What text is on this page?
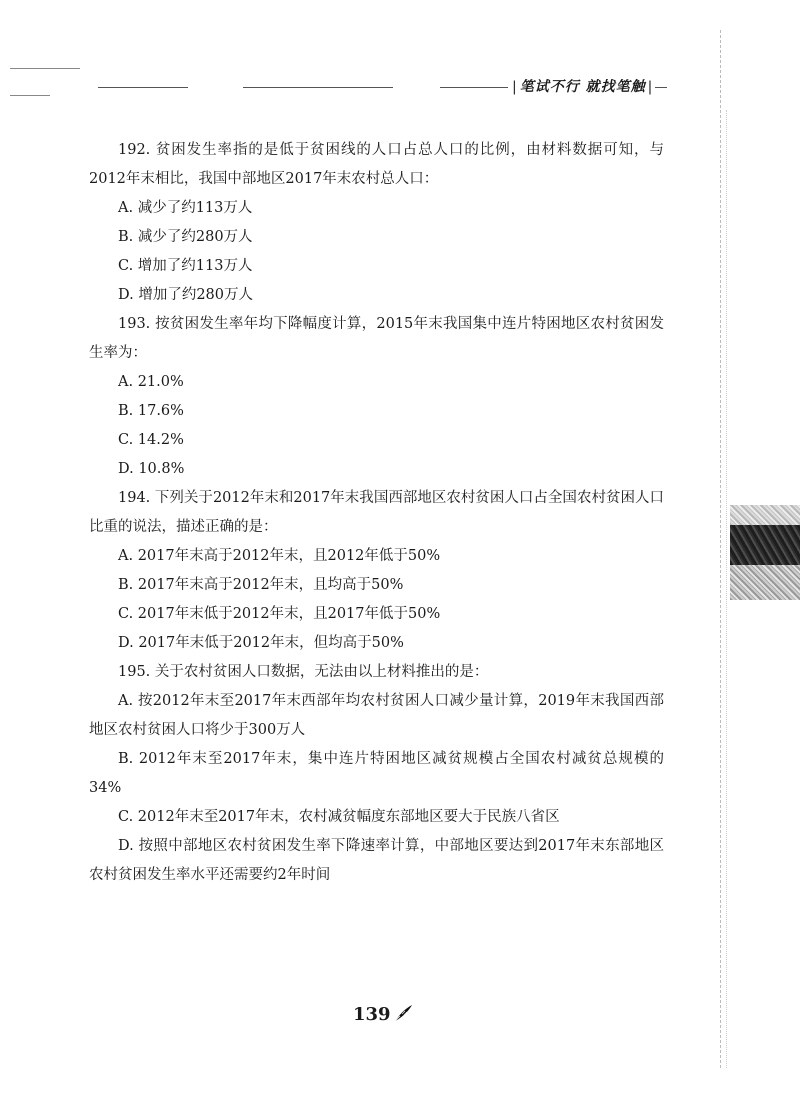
| 笔试不行 就找笔触 |

192. 贫困发生率指的是低于贫困线的人口占总人口的比例，由材料数据可知，与2012年末相比，我国中部地区2017年末农村总人口：

A. 减少了约113万人

B. 减少了约280万人

C. 增加了约113万人

D. 增加了约280万人

193. 按贫困发生率年均下降幅度计算，2015年末我国集中连片特困地区农村贫困发生率为：

A. 21.0%

B. 17.6%

C. 14.2%

D. 10.8%

194. 下列关于2012年末和2017年末我国西部地区农村贫困人口占全国农村贫困人口比重的说法，描述正确的是：

A. 2017年末高于2012年末，且2012年低于50%

B. 2017年末高于2012年末，且均高于50%

C. 2017年末低于2012年末，且2017年低于50%

D. 2017年末低于2012年末，但均高于50%

195. 关于农村贫困人口数据，无法由以上材料推出的是：

A. 按2012年末至2017年末西部年均农村贫困人口减少量计算，2019年末我国西部地区农村贫困人口将少于300万人

B. 2012年末至2017年末，集中连片特困地区减贫规模占全国农村减贫总规模的34%

C. 2012年末至2017年末，农村减贫幅度东部地区要大于民族八省区

D. 按照中部地区农村贫困发生率下降速率计算，中部地区要达到2017年末东部地区农村贫困发生率水平还需要约2年时间

139
